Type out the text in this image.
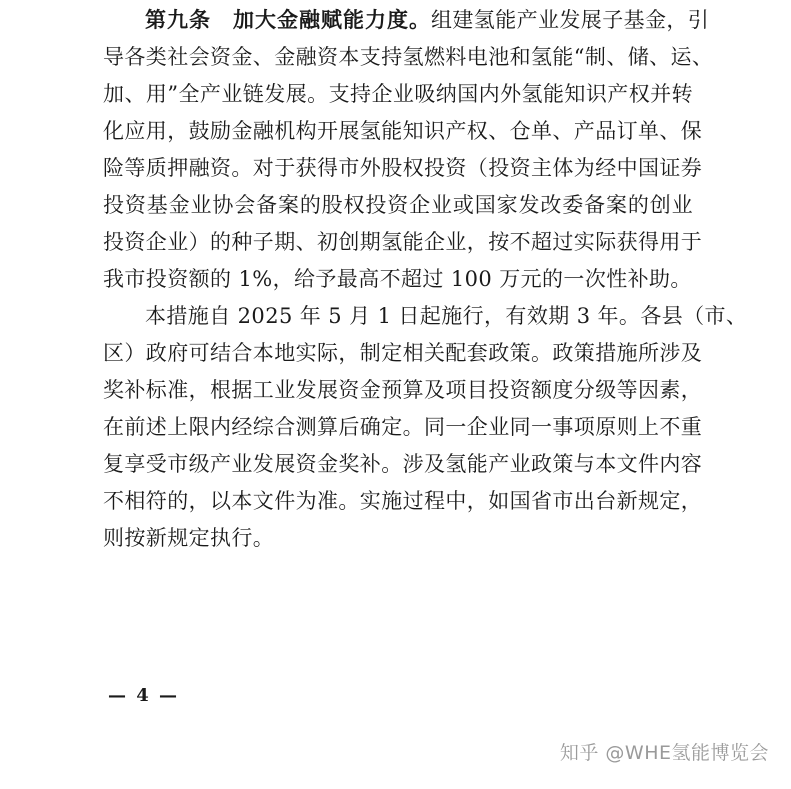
第九条　加大金融赋能力度。组建氢能产业发展子基金，引
导各类社会资金、金融资本支持氢燃料电池和氢能“制、储、运、
加、用”全产业链发展。支持企业吸纳国内外氢能知识产权并转
化应用，鼓励金融机构开展氢能知识产权、仓单、产品订单、保
险等质押融资。对于获得市外股权投资（投资主体为经中国证券
投资基金业协会备案的股权投资企业或国家发改委备案的创业
投资企业）的种子期、初创期氢能企业，按不超过实际获得用于
我市投资额的 1%，给予最高不超过 100 万元的一次性补助。
本措施自 2025 年 5 月 1 日起施行，有效期 3 年。各县（市、
区）政府可结合本地实际，制定相关配套政策。政策措施所涉及
奖补标准，根据工业发展资金预算及项目投资额度分级等因素，
在前述上限内经综合测算后确定。同一企业同一事项原则上不重
复享受市级产业发展资金奖补。涉及氢能产业政策与本文件内容
不相符的，以本文件为准。实施过程中，如国省市出台新规定，
则按新规定执行。
— 4 —
知乎 @WHE氢能博览会
